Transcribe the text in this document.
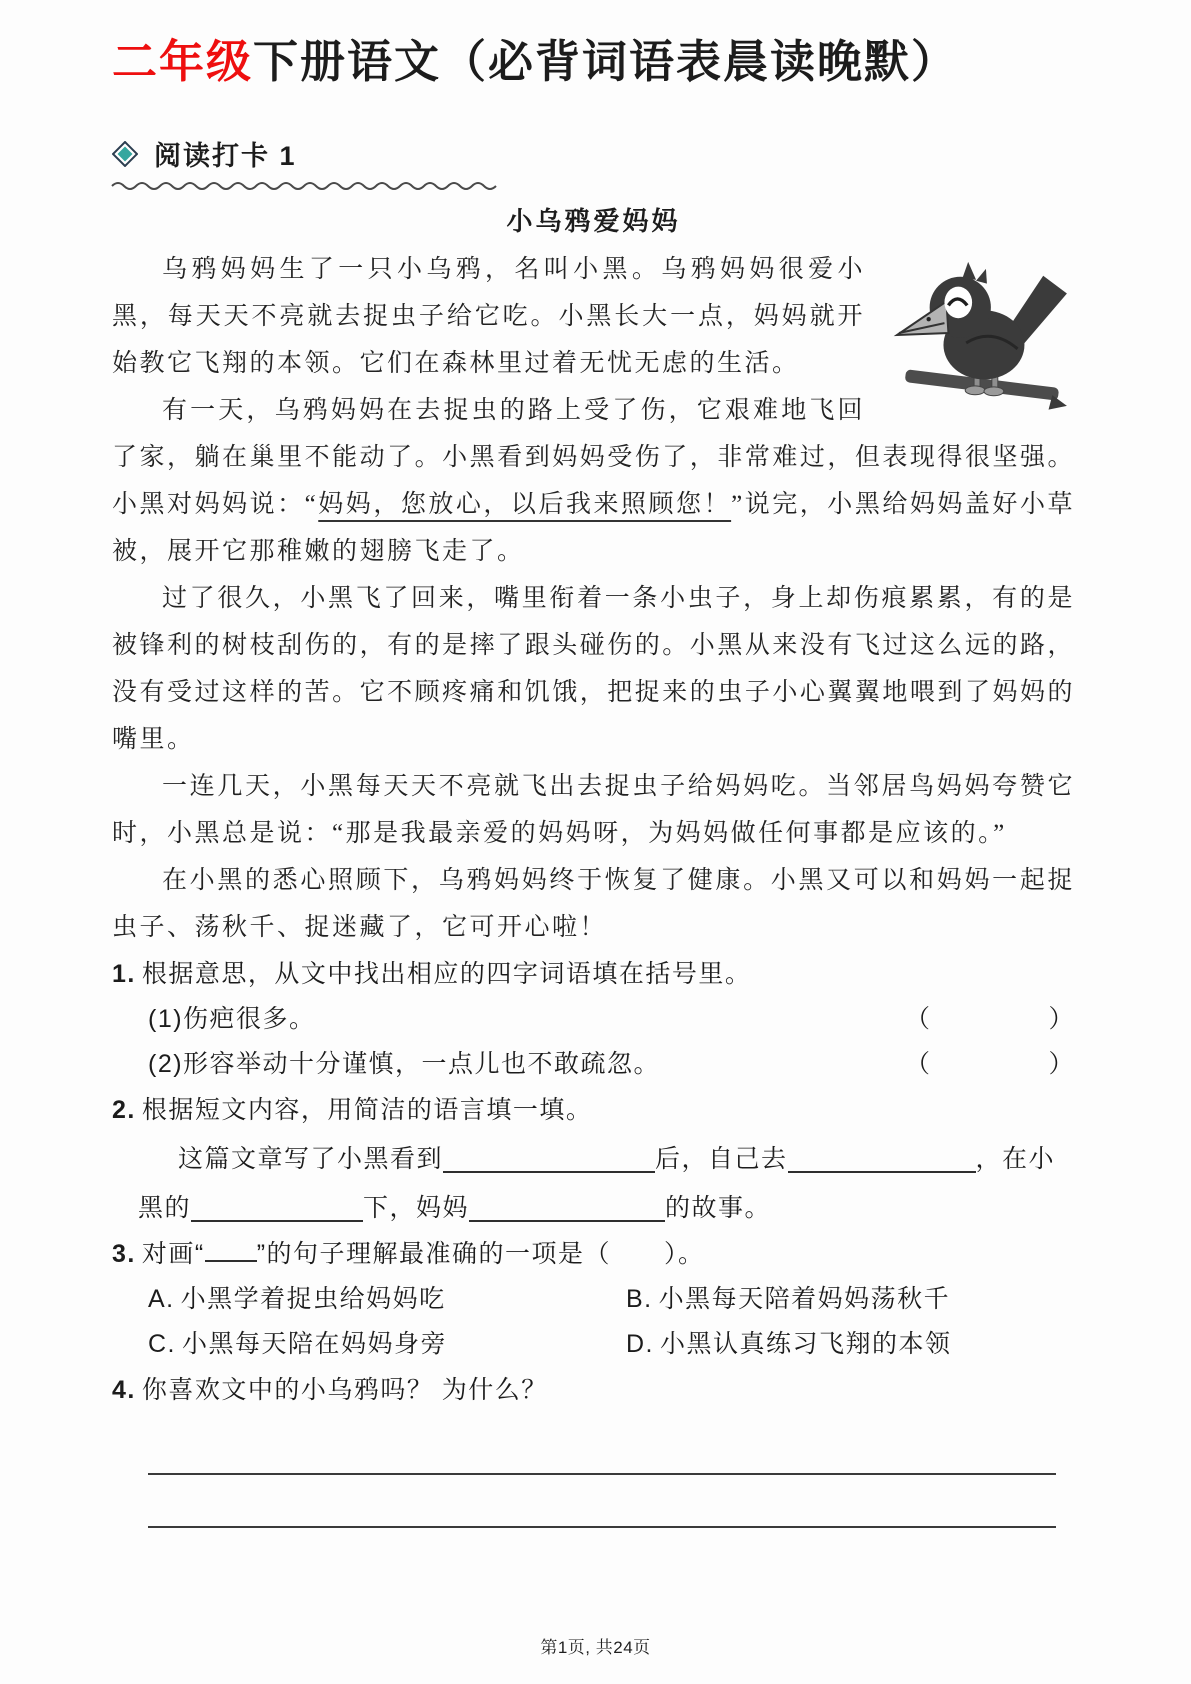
二年级下册语文（必背词语表晨读晚默）
阅读打卡 1
小乌鸦爱妈妈

乌鸦妈妈生了一只小乌鸦，名叫小黑。乌鸦妈妈很爱小黑，每天天不亮就去捉虫子给它吃。小黑长大一点，妈妈就开始教它飞翔的本领。它们在森林里过着无忧无虑的生活。

有一天，乌鸦妈妈在去捉虫的路上受了伤，它艰难地飞回了家，躺在巢里不能动了。小黑看到妈妈受伤了，非常难过，但表现得很坚强。小黑对妈妈说：“妈妈，您放心，以后我来照顾您！”说完，小黑给妈妈盖好小草被，展开它那稚嫩的翅膀飞走了。

过了很久，小黑飞了回来，嘴里衔着一条小虫子，身上却伤痕累累，有的是被锋利的树枝刮伤的，有的是摔了跟头碰伤的。小黑从来没有飞过这么远的路，没有受过这样的苦。它不顾疼痛和饥饿，把捉来的虫子小心翼翼地喂到了妈妈的嘴里。

一连几天，小黑每天天不亮就飞出去捉虫子给妈妈吃。当邻居鸟妈妈夸赞它时，小黑总是说：“那是我最亲爱的妈妈呀，为妈妈做任何事都是应该的。”

在小黑的悉心照顾下，乌鸦妈妈终于恢复了健康。小黑又可以和妈妈一起捉虫子、荡秋千、捉迷藏了，它可开心啦！

1. 根据意思，从文中找出相应的四字词语填在括号里。

(1)伤疤很多。	（	）
(2)形容举动十分谨慎，一点儿也不敢疏忽。	（	）

2. 根据短文内容，用简洁的语言填一填。

这篇文章写了小黑看到	后，自己去	，在小黑的	下，妈妈	的故事。

3. 对画“ ”的句子理解最准确的一项是（　　）。

A. 小黑学着捉虫给妈妈吃	B. 小黑每天陪着妈妈荡秋千
C. 小黑每天陪在妈妈身旁	D. 小黑认真练习飞翔的本领

4. 你喜欢文中的小乌鸦吗？ 为什么？

第1页, 共24页
